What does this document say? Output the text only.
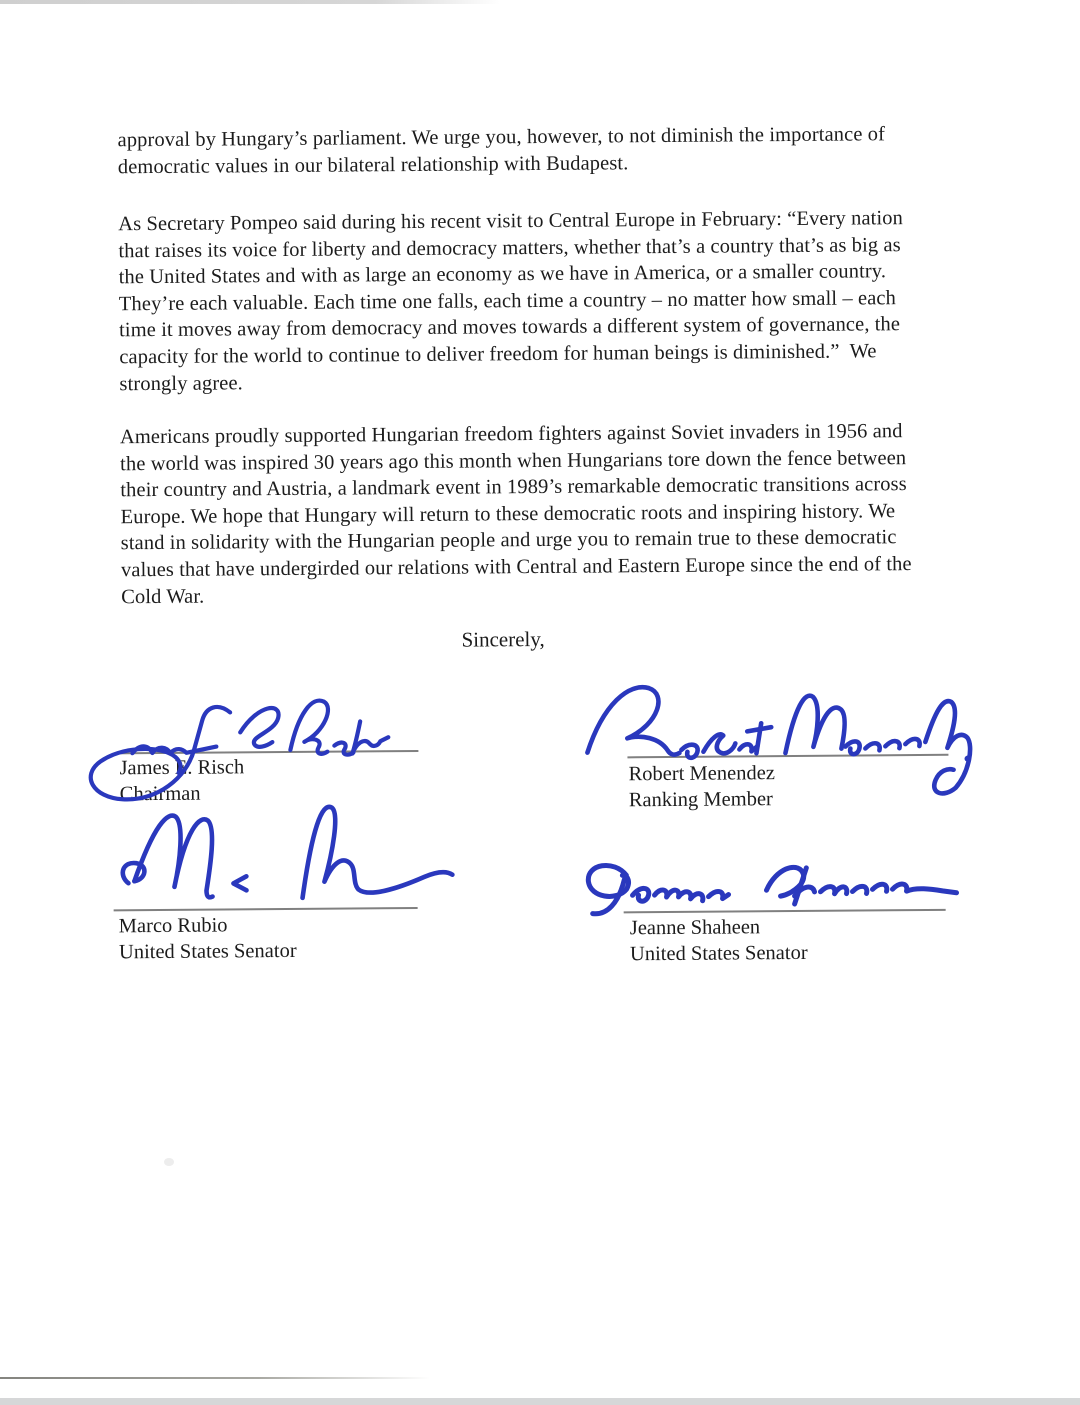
approval by Hungary’s parliament. We urge you, however, to not diminish the importance of
democratic values in our bilateral relationship with Budapest.
As Secretary Pompeo said during his recent visit to Central Europe in February: “Every nation
that raises its voice for liberty and democracy matters, whether that’s a country that’s as big as
the United States and with as large an economy as we have in America, or a smaller country.
They’re each valuable. Each time one falls, each time a country – no matter how small – each
time it moves away from democracy and moves towards a different system of governance, the
capacity for the world to continue to deliver freedom for human beings is diminished.”  We
strongly agree.
Americans proudly supported Hungarian freedom fighters against Soviet invaders in 1956 and
the world was inspired 30 years ago this month when Hungarians tore down the fence between
their country and Austria, a landmark event in 1989’s remarkable democratic transitions across
Europe. We hope that Hungary will return to these democratic roots and inspiring history. We
stand in solidarity with the Hungarian people and urge you to remain true to these democratic
values that have undergirded our relations with Central and Eastern Europe since the end of the
Cold War.
Sincerely,
James E. Risch
Chairman
Robert Menendez
Ranking Member
Marco Rubio
United States Senator
Jeanne Shaheen
United States Senator
